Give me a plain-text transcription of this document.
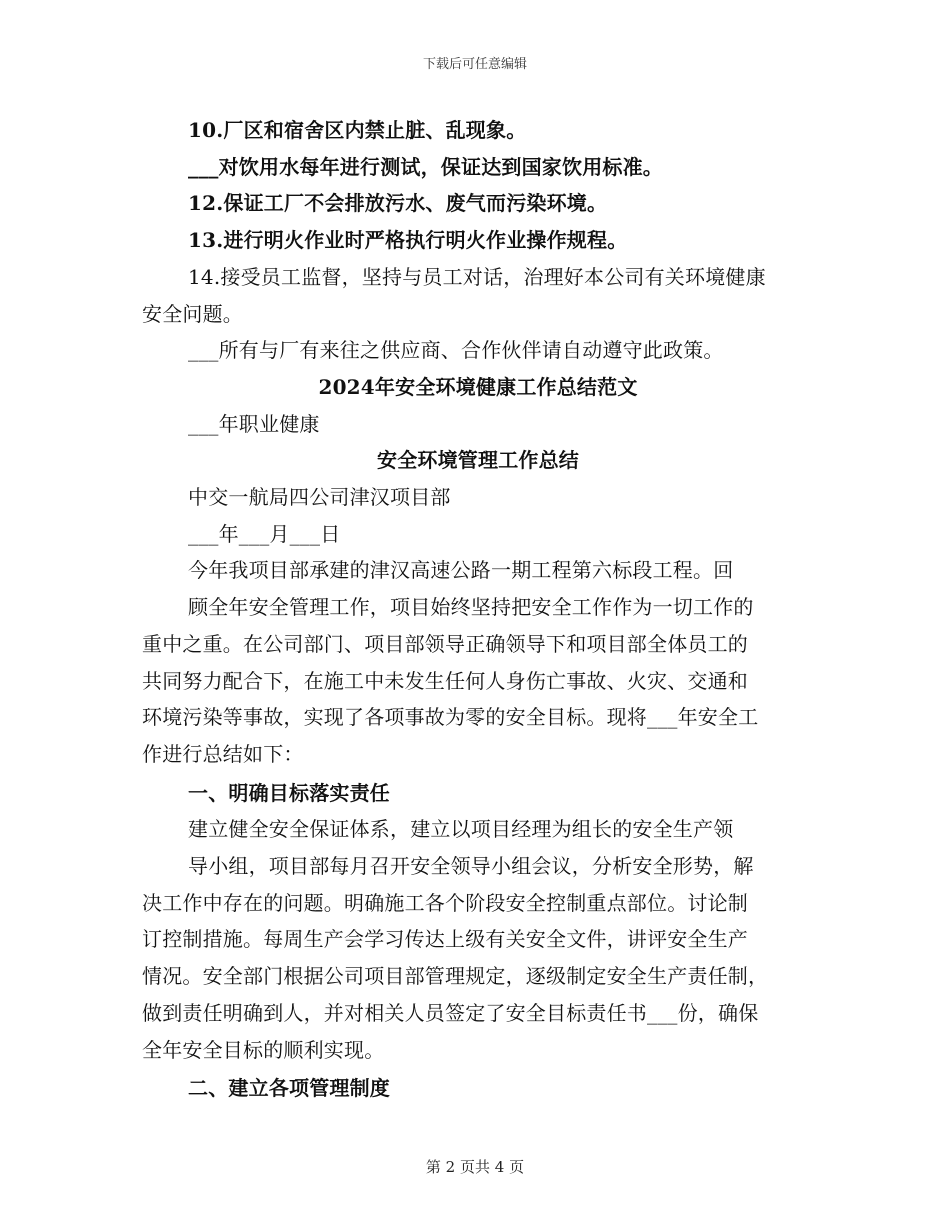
下载后可任意编辑
10.厂区和宿舍区内禁止脏、乱现象。
___对饮用水每年进行测试，保证达到国家饮用标准。
12.保证工厂不会排放污水、废气而污染环境。
13.进行明火作业时严格执行明火作业操作规程。
14.接受员工监督，坚持与员工对话，治理好本公司有关环境健康
安全问题。
___所有与厂有来往之供应商、合作伙伴请自动遵守此政策。
2024年安全环境健康工作总结范文
___年职业健康
安全环境管理工作总结
中交一航局四公司津汉项目部
___年___月___日
今年我项目部承建的津汉高速公路一期工程第六标段工程。回
顾全年安全管理工作，项目始终坚持把安全工作作为一切工作的
重中之重。在公司部门、项目部领导正确领导下和项目部全体员工的
共同努力配合下，在施工中未发生任何人身伤亡事故、火灾、交通和
环境污染等事故，实现了各项事故为零的安全目标。现将___年安全工
作进行总结如下：
一、明确目标落实责任
建立健全安全保证体系，建立以项目经理为组长的安全生产领
导小组，项目部每月召开安全领导小组会议，分析安全形势，解
决工作中存在的问题。明确施工各个阶段安全控制重点部位。讨论制
订控制措施。每周生产会学习传达上级有关安全文件，讲评安全生产
情况。安全部门根据公司项目部管理规定，逐级制定安全生产责任制，
做到责任明确到人，并对相关人员签定了安全目标责任书___份，确保
全年安全目标的顺利实现。
二、建立各项管理制度
第 2 页共 4 页
